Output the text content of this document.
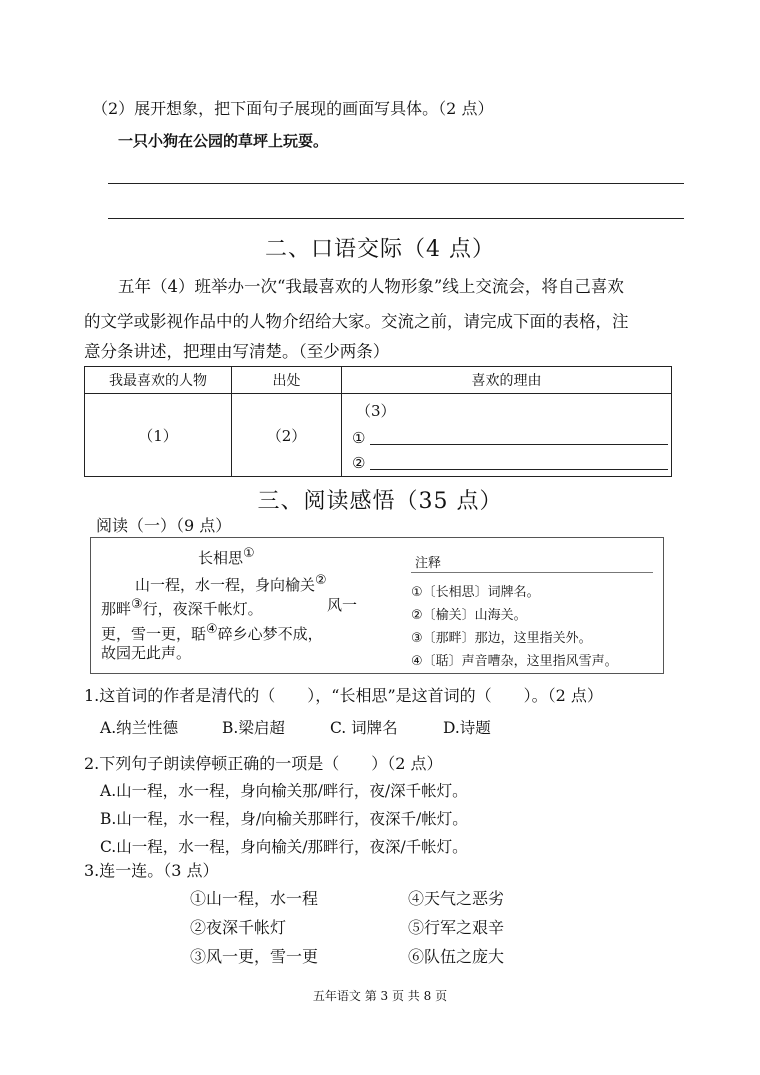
（2）展开想象，把下面句子展现的画面写具体。（2 点）
一只小狗在公园的草坪上玩耍。
二、口语交际（4 点）
五年（4）班举办一次“我最喜欢的人物形象”线上交流会，将自己喜欢
的文学或影视作品中的人物介绍给大家。交流之前，请完成下面的表格，注
意分条讲述，把理由写清楚。（至少两条）
我最喜欢的人物	出处	喜欢的理由
（1）	（2）	（3）
①
②
三、阅读感悟（35 点）
阅读（一）（9 点）
长相思①
山一程，水一程，身向榆关②
那畔③行，夜深千帐灯。	风一
更，雪一更，聒④碎乡心梦不成，
故园无此声。
注释
①〔长相思〕词牌名。
②〔榆关〕山海关。
③〔那畔〕那边，这里指关外。
④〔聒〕声音嘈杂，这里指风雪声。
1.这首词的作者是清代的（　　），“长相思”是这首词的（　　）。（2 点）
A.纳兰性德	B.梁启超	C. 词牌名	D.诗题
2.下列句子朗读停顿正确的一项是（　　）（2 点）
A.山一程，水一程，身向榆关那/畔行，夜/深千帐灯。
B.山一程，水一程，身/向榆关那畔行，夜深千/帐灯。
C.山一程，水一程，身向榆关/那畔行，夜深/千帐灯。
3.连一连。（3 点）
①山一程，水一程
②夜深千帐灯
③风一更，雪一更
④天气之恶劣
⑤行军之艰辛
⑥队伍之庞大
五年语文 第 3 页 共 8 页
